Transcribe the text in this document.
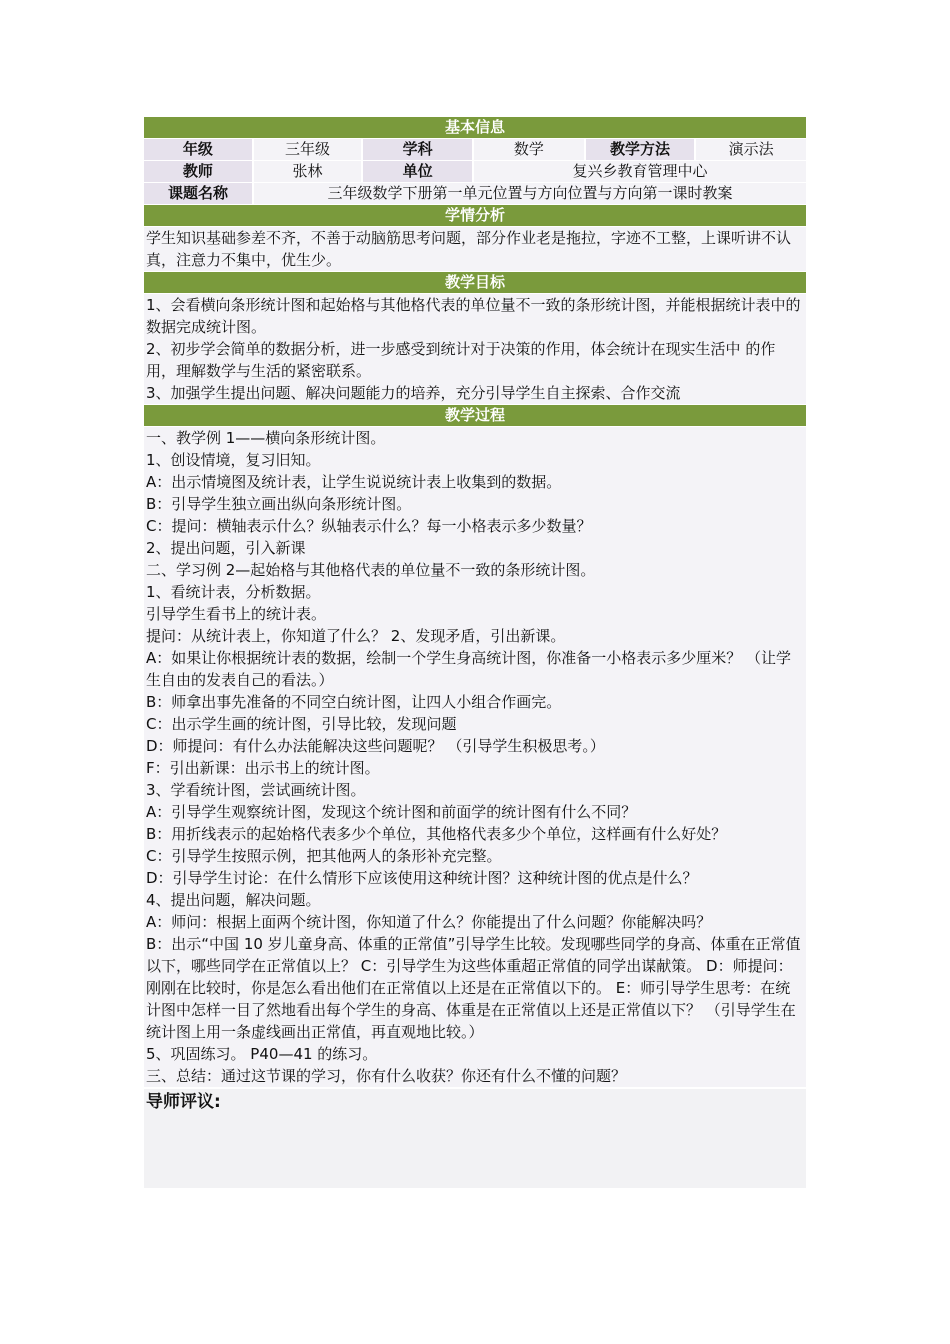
基本信息
年级	三年级	学科	数学	教学方法	演示法
教师	张林	单位	复兴乡教育管理中心
课题名称	三年级数学下册第一单元位置与方向位置与方向第一课时教案
学情分析

学生知识基础参差不齐，不善于动脑筋思考问题，部分作业老是拖拉，字迹不工整，上课听讲不认真，注意力不集中，优生少。

教学目标

1、会看横向条形统计图和起始格与其他格代表的单位量不一致的条形统计图，并能根据统计表中的数据完成统计图。

2、初步学会简单的数据分析，进一步感受到统计对于决策的作用，体会统计在现实生活中 的作用，理解数学与生活的紧密联系。

3、加强学生提出问题、解决问题能力的培养，充分引导学生自主探索、合作交流

教学过程

一、教学例 1——横向条形统计图。

1、创设情境，复习旧知。

A：出示情境图及统计表，让学生说说统计表上收集到的数据。

B：引导学生独立画出纵向条形统计图。

C：提问：横轴表示什么？纵轴表示什么？每一小格表示多少数量？

2、提出问题，引入新课

二、学习例 2—起始格与其他格代表的单位量不一致的条形统计图。

1、看统计表，分析数据。

引导学生看书上的统计表。

提问：从统计表上，你知道了什么？ 2、发现矛盾，引出新课。

A：如果让你根据统计表的数据，绘制一个学生身高统计图，你准备一小格表示多少厘米？ （让学生自由的发表自己的看法。）

B：师拿出事先准备的不同空白统计图，让四人小组合作画完。

C：出示学生画的统计图，引导比较，发现问题

D：师提问：有什么办法能解决这些问题呢？ （引导学生积极思考。）

F：引出新课：出示书上的统计图。

3、学看统计图，尝试画统计图。

A：引导学生观察统计图，发现这个统计图和前面学的统计图有什么不同？

B：用折线表示的起始格代表多少个单位，其他格代表多少个单位，这样画有什么好处？

C：引导学生按照示例，把其他两人的条形补充完整。

D：引导学生讨论：在什么情形下应该使用这种统计图？这种统计图的优点是什么？

4、提出问题，解决问题。

A：师问：根据上面两个统计图，你知道了什么？你能提出了什么问题？你能解决吗？

B：出示“中国 10 岁儿童身高、体重的正常值”引导学生比较。发现哪些同学的身高、体重在正常值以下，哪些同学在正常值以上？ C：引导学生为这些体重超正常值的同学出谋献策。 D：师提问：刚刚在比较时，你是怎么看出他们在正常值以上还是在正常值以下的。 E：师引导学生思考：在统计图中怎样一目了然地看出每个学生的身高、体重是在正常值以上还是正常值以下？ （引导学生在统计图上用一条虚线画出正常值，再直观地比较。）

5、巩固练习。 P40—41 的练习。

三、总结：通过这节课的学习，你有什么收获？你还有什么不懂的问题？

导师评议:
